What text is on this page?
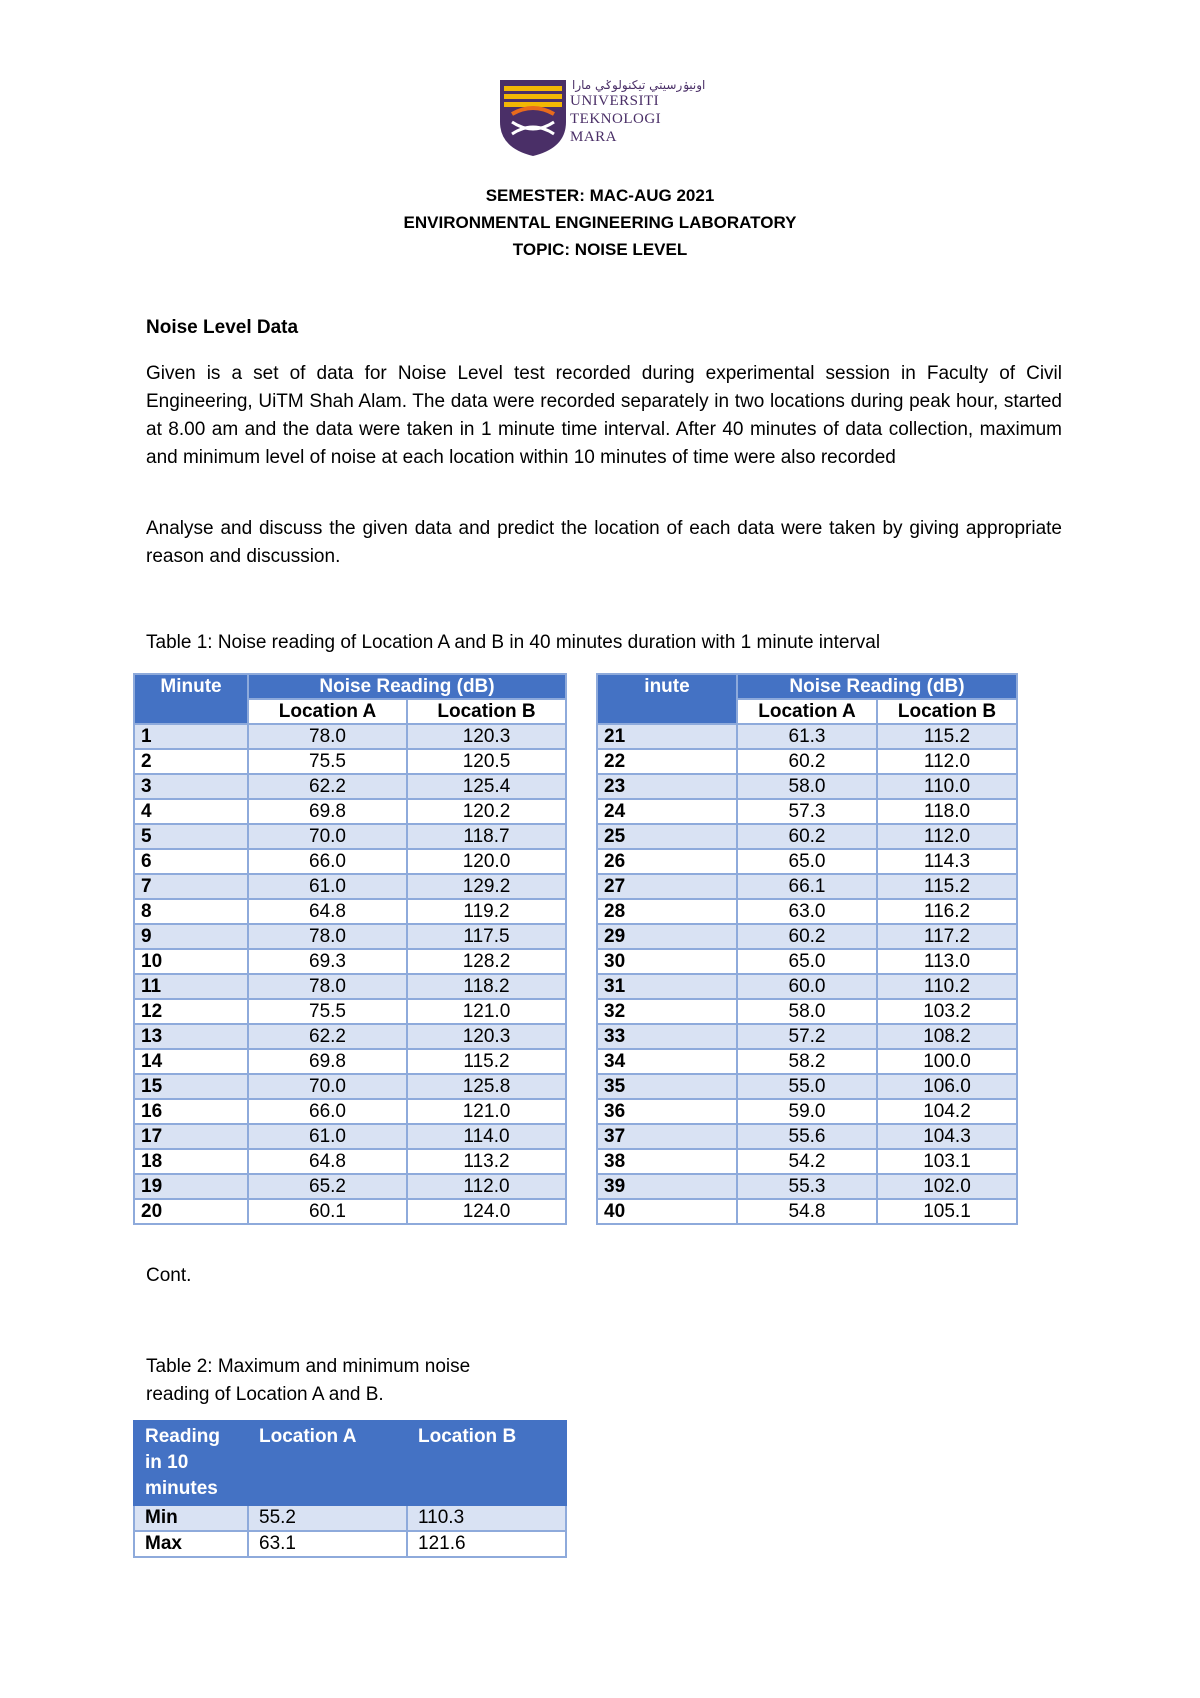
اونيۏرسيتي تيكنولوݢي مارا
UNIVERSITI
TEKNOLOGI
MARA
SEMESTER: MAC-AUG 2021
ENVIRONMENTAL ENGINEERING LABORATORY
TOPIC: NOISE LEVEL
Noise Level Data
Given is a set of data for Noise Level test recorded during experimental session in Faculty of Civil Engineering, UiTM Shah Alam. The data were recorded separately in two locations during peak hour, started at 8.00 am and the data were taken in 1 minute time interval. After 40 minutes of data collection, maximum and minimum level of noise at each location within 10 minutes of time were also recorded
Analyse and discuss the given data and predict the location of each data were taken by giving appropriate reason and discussion.
Table 1: Noise reading of Location A and B in 40 minutes duration with 1 minute interval
Minute	Noise Reading (dB)	
	Location A	Location B
1	78.0	120.3
2	75.5	120.5
3	62.2	125.4
4	69.8	120.2
5	70.0	118.7
6	66.0	120.0
7	61.0	129.2
8	64.8	119.2
9	78.0	117.5
10	69.3	128.2
11	78.0	118.2
12	75.5	121.0
13	62.2	120.3
14	69.8	115.2
15	70.0	125.8
16	66.0	121.0
17	61.0	114.0
18	64.8	113.2
19	65.2	112.0
20	60.1	124.0
inute	Noise Reading (dB)	
	Location A	Location B
21	61.3	115.2
22	60.2	112.0
23	58.0	110.0
24	57.3	118.0
25	60.2	112.0
26	65.0	114.3
27	66.1	115.2
28	63.0	116.2
29	60.2	117.2
30	65.0	113.0
31	60.0	110.2
32	58.0	103.2
33	57.2	108.2
34	58.2	100.0
35	55.0	106.0
36	59.0	104.2
37	55.6	104.3
38	54.2	103.1
39	55.3	102.0
40	54.8	105.1
Cont.
Table 2: Maximum and minimum noise
reading of Location A and B.
Reading
in 10
minutes	Location A	Location B
Min	55.2	110.3
Max	63.1	121.6
